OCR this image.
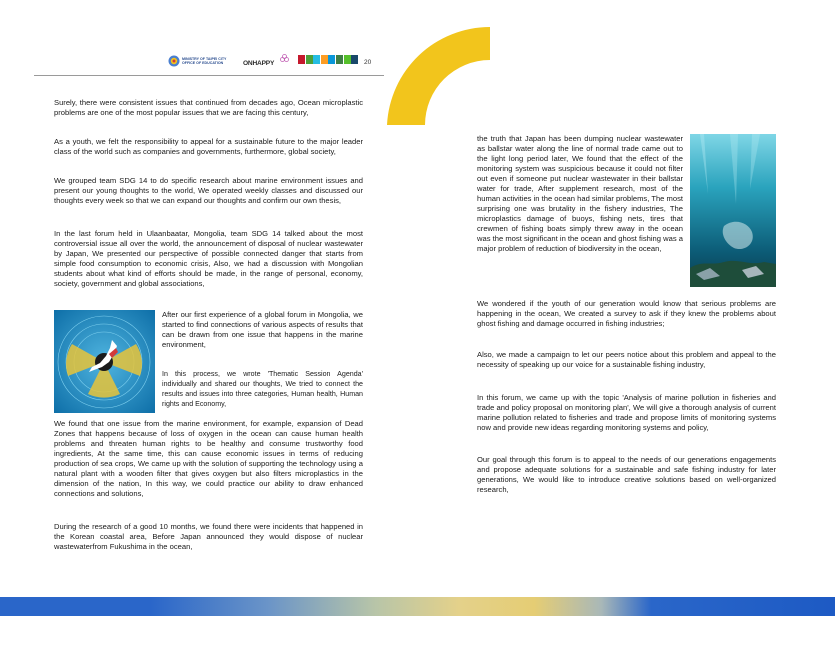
MINISTRY OF TAIPEI CITY
OFFICE OF EDUCATION	ONHAPPY	20

Surely, there were consistent issues that continued from decades ago, Ocean microplastic problems are one of the most popular issues that we are facing this century,

As a youth, we felt the responsibility to appeal for a sustainable future to the major leader class of the world such as companies and governments, furthermore, global society,

We grouped team SDG 14 to do specific research about marine environment issues and present our young thoughts to the world, We operated weekly classes and discussed our thoughts every week so that we can expand our thoughts and confirm our own thesis,

In the last forum held in Ulaanbaatar, Mongolia, team SDG 14 talked about the most controversial issue all over the world, the announcement of disposal of nuclear wastewater by Japan, We presented our perspective of possible connected danger that starts from simple food consumption to economic crisis, Also, we had a discussion with Mongolian students about what kind of efforts should be made, in the range of personal, economy, society, government and global associations,

After our first experience of a global forum in Mongolia, we started to find connections of various aspects of results that can be drawn from one issue that happens in the marine environment,

In this process, we wrote 'Thematic Session Agenda' individually and shared our thoughts, We tried to connect the results and issues into three categories, Human health, Human rights and Economy,

We found that one issue from the marine environment, for example, expansion of Dead Zones that happens because of loss of oxygen in the ocean can cause human health problems and threaten human rights to be healthy and consume trustworthy food ingredients, At the same time, this can cause economic issues in terms of reducing production of sea crops, We came up with the solution of supporting the technology using a natural plant with a wooden filter that gives oxygen but also filters microplastics in the dimension of the nation, In this way, we could practice our ability to draw enhanced connections and solutions,

During the research of a good 10 months, we found there were incidents that happened in the Korean coastal area, Before Japan announced they would dispose of nuclear wastewaterfrom Fukushima in the ocean,

the truth that Japan has been dumping nuclear wastewater as ballstar water along the line of normal trade came out to the light long period later, We found that the effect of the monitoring system was suspicious because it could not filter out even if someone put nuclear wastewater in their ballstar water for trade, After supplement research, most of the human activities in the ocean had similar problems, The most surprising one was brutality in the fishery industries, The microplastics damage of buoys, fishing nets, tires that crewmen of fishing boats simply threw away in the ocean was the most significant in the ocean and ghost fishing was a major problem of reduction of biodiversity in the ocean,

We wondered if the youth of our generation would know that serious problems are happening in the ocean, We created a survey to ask if they knew the problems about ghost fishing and damage occurred in fishing industries;

Also, we made a campaign to let our peers notice about this problem and appeal to the necessity of speaking up our voice for a sustainable fishing industry,

In this forum, we came up with the topic 'Analysis of marine pollution in fisheries and trade and policy proposal on monitoring plan', We will give a thorough analysis of current marine pollution related to fisheries and trade and propose limits of monitoring systems now and provide new ideas regarding monitoring systems and policy,

Our goal through this forum is to appeal to the needs of our generations engagements and propose adequate solutions for a sustainable and safe fishing industry for later generations, We would like to introduce creative solutions based on well-organized research,
